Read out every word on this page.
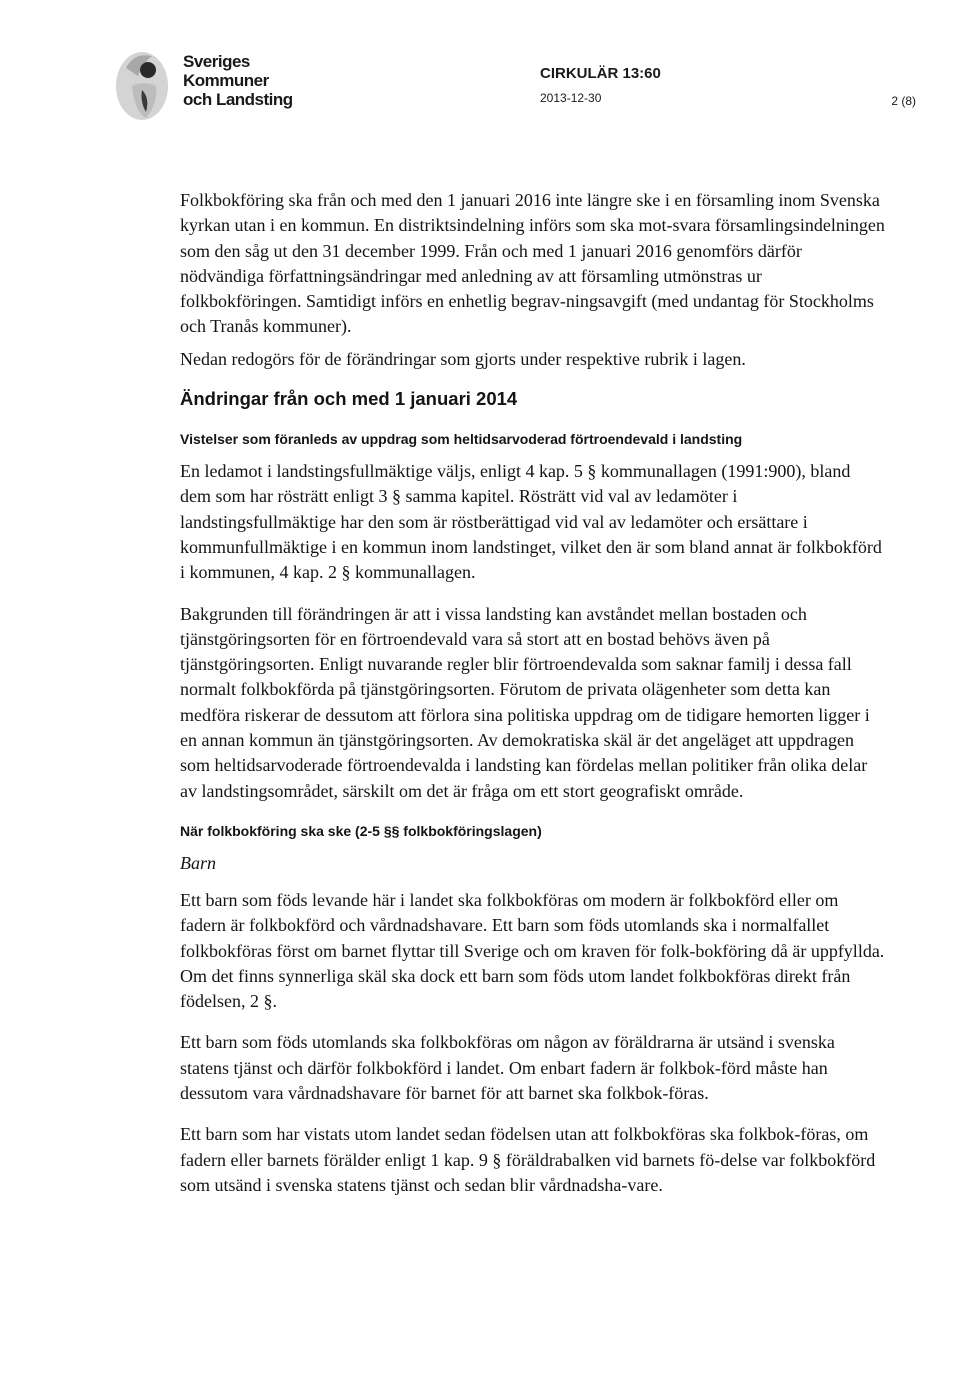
Sveriges
Kommuner
och Landsting
CIRKULÄR 13:60
2013-12-30	2 (8)

Folkbokföring ska från och med den 1 januari 2016 inte längre ske i en församling inom Svenska kyrkan utan i en kommun. En distriktsindelning införs som ska mot-svara församlingsindelningen som den såg ut den 31 december 1999. Från och med 1 januari 2016 genomförs därför nödvändiga författningsändringar med anledning av att församling utmönstras ur folkbokföringen. Samtidigt införs en enhetlig begrav-ningsavgift (med undantag för Stockholms och Tranås kommuner).

Nedan redogörs för de förändringar som gjorts under respektive rubrik i lagen.

Ändringar från och med 1 januari 2014
Vistelser som föranleds av uppdrag som heltidsarvoderad förtroendevald i landsting

En ledamot i landstingsfullmäktige väljs, enligt 4 kap. 5 § kommunallagen (1991:900), bland dem som har rösträtt enligt 3 § samma kapitel. Rösträtt vid val av ledamöter i landstingsfullmäktige har den som är röstberättigad vid val av ledamöter och ersättare i kommunfullmäktige i en kommun inom landstinget, vilket den är som bland annat är folkbokförd i kommunen, 4 kap. 2 § kommunallagen.

Bakgrunden till förändringen är att i vissa landsting kan avståndet mellan bostaden och tjänstgöringsorten för en förtroendevald vara så stort att en bostad behövs även på tjänstgöringsorten. Enligt nuvarande regler blir förtroendevalda som saknar familj i dessa fall normalt folkbokförda på tjänstgöringsorten. Förutom de privata olägenheter som detta kan medföra riskerar de dessutom att förlora sina politiska uppdrag om de tidigare hemorten ligger i en annan kommun än tjänstgöringsorten. Av demokratiska skäl är det angeläget att uppdragen som heltidsarvoderade förtroendevalda i landsting kan fördelas mellan politiker från olika delar av landstingsområdet, särskilt om det är fråga om ett stort geografiskt område.

När folkbokföring ska ske (2-5 §§ folkbokföringslagen)
Barn

Ett barn som föds levande här i landet ska folkbokföras om modern är folkbokförd eller om fadern är folkbokförd och vårdnadshavare. Ett barn som föds utomlands ska i normalfallet folkbokföras först om barnet flyttar till Sverige och om kraven för folk-bokföring då är uppfyllda. Om det finns synnerliga skäl ska dock ett barn som föds utom landet folkbokföras direkt från födelsen, 2 §.

Ett barn som föds utomlands ska folkbokföras om någon av föräldrarna är utsänd i svenska statens tjänst och därför folkbokförd i landet. Om enbart fadern är folkbok-förd måste han dessutom vara vårdnadshavare för barnet för att barnet ska folkbok-föras.

Ett barn som har vistats utom landet sedan födelsen utan att folkbokföras ska folkbok-föras, om fadern eller barnets förälder enligt 1 kap. 9 § föräldrabalken vid barnets fö-delse var folkbokförd som utsänd i svenska statens tjänst och sedan blir vårdnadsha-vare.
